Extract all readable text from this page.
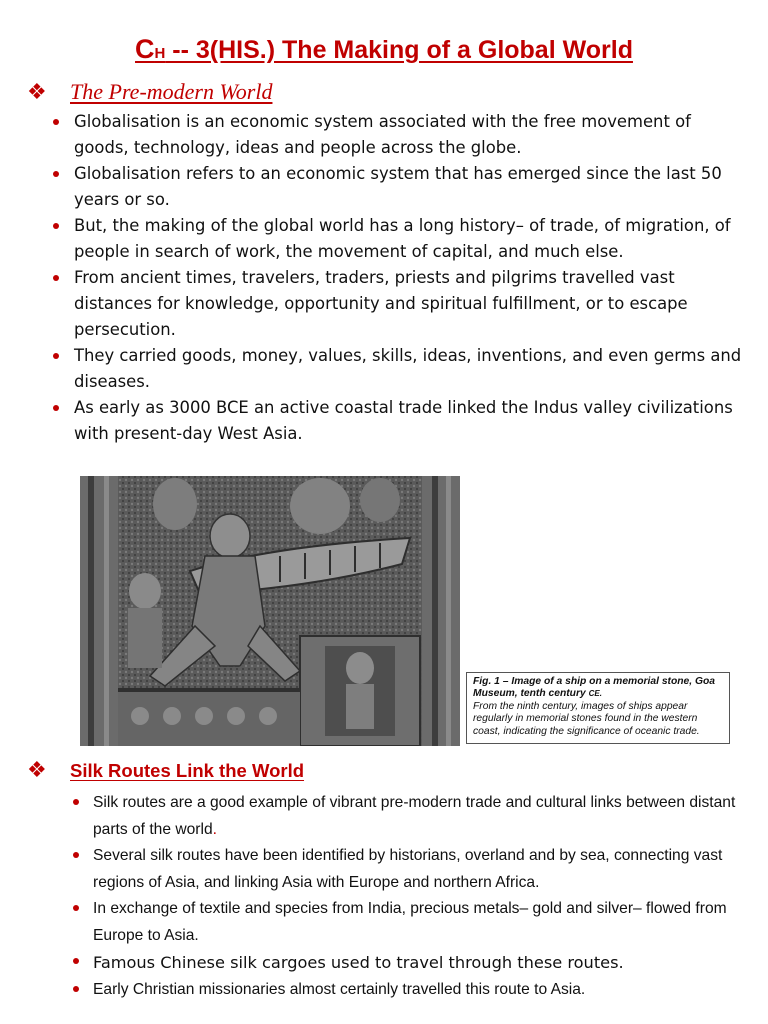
CH -- 3(HIS.) The Making of a Global World
❖ The Pre-modern World
Globalisation is an economic system associated with the free movement of goods, technology, ideas and people across the globe.
Globalisation refers to an economic system that has emerged since the last 50 years or so.
But, the making of the global world has a long history– of trade, of migration, of people in search of work, the movement of capital, and much else.
From ancient times, travelers, traders, priests and pilgrims travelled vast distances for knowledge, opportunity and spiritual fulfillment, or to escape persecution.
They carried goods, money, values, skills, ideas, inventions, and even germs and diseases.
As early as 3000 BCE an active coastal trade linked the Indus valley civilizations with present-day West Asia.
Fig. 1 – Image of a ship on a memorial stone, Goa Museum, tenth century CE.
From the ninth century, images of ships appear regularly in memorial stones found in the western coast, indicating the significance of oceanic trade.
❖ Silk Routes Link the World
Silk routes are a good example of vibrant pre-modern trade and cultural links between distant parts of the world.
Several silk routes have been identified by historians, overland and by sea, connecting vast regions of Asia, and linking Asia with Europe and northern Africa.
In exchange of textile and species from India, precious metals– gold and silver– flowed from Europe to Asia.
Famous Chinese silk cargoes used to travel through these routes.
Early Christian missionaries almost certainly travelled this route to Asia.
